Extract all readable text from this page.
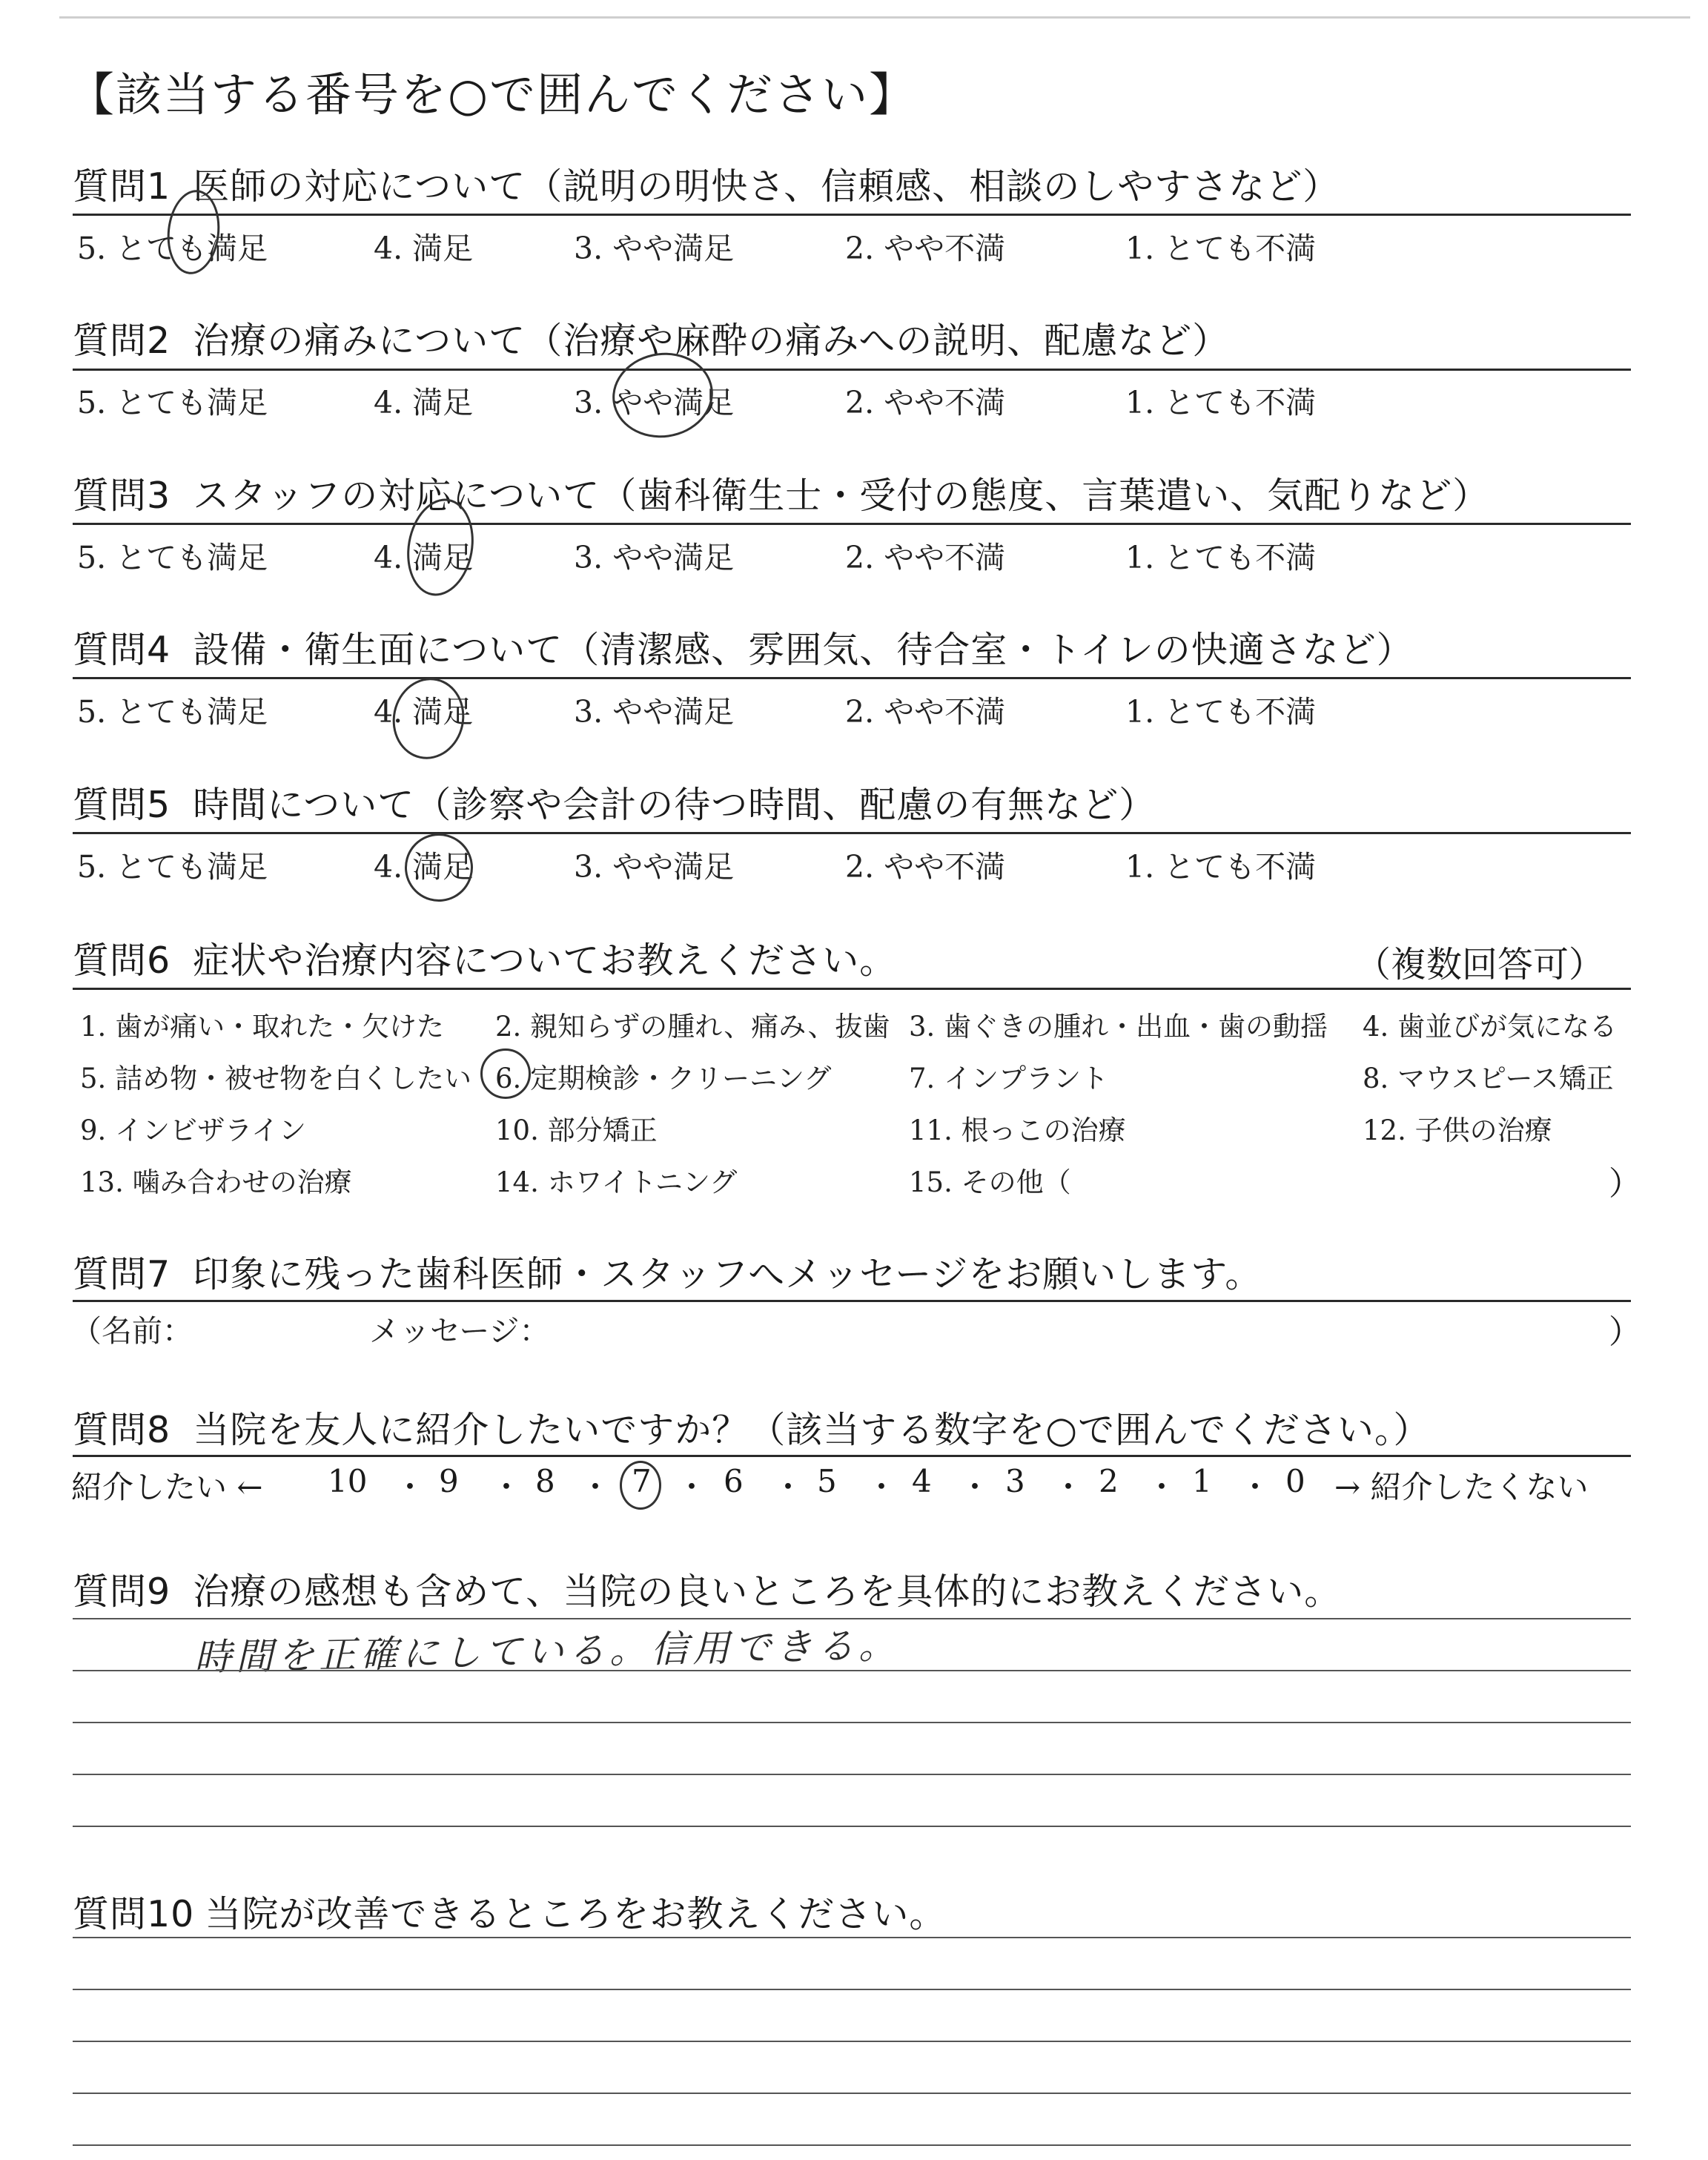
【該当する番号を○で囲んでください】
質問1 医師の対応について（説明の明快さ、信頼感、相談のしやすさなど）
5. とても満足	4. 満足	3. やや満足	2. やや不満	1. とても不満
質問2 治療の痛みについて（治療や麻酔の痛みへの説明、配慮など）
5. とても満足	4. 満足	3. やや満足	2. やや不満	1. とても不満
質問3 スタッフの対応について（歯科衛生士・受付の態度、言葉遣い、気配りなど）
5. とても満足	4. 満足	3. やや満足	2. やや不満	1. とても不満
質問4 設備・衛生面について（清潔感、雰囲気、待合室・トイレの快適さなど）
5. とても満足	4. 満足	3. やや満足	2. やや不満	1. とても不満
質問5 時間について（診察や会計の待つ時間、配慮の有無など）
5. とても満足	4. 満足	3. やや満足	2. やや不満	1. とても不満
質問6 症状や治療内容についてお教えください。	（複数回答可）
1. 歯が痛い・取れた・欠けた 2. 親知らずの腫れ、痛み、抜歯 3. 歯ぐきの腫れ・出血・歯の動揺 4. 歯並びが気になる
5. 詰め物・被せ物を白くしたい 6. 定期検診・クリーニング	7. インプラント	8. マウスピース矯正
9. インビザライン	10. 部分矯正	11. 根っこの治療	12. 子供の治療
13. 噛み合わせの治療	14. ホワイトニング	15. その他（	）
質問7 印象に残った歯科医師・スタッフへメッセージをお願いします。
（名前：	メッセージ：	）
質問8 当院を友人に紹介したいですか？（該当する数字を○で囲んでください。）
紹介したい ← 10 ・ 9 ・ 8 ・ 7 ・ 6 ・ 5 ・ 4 ・ 3 ・ 2 ・ 1 ・ 0 → 紹介したくない
質問9 治療の感想も含めて、当院の良いところを具体的にお教えください。
時間を正確にしている。信用できる。
質問10 当院が改善できるところをお教えください。
